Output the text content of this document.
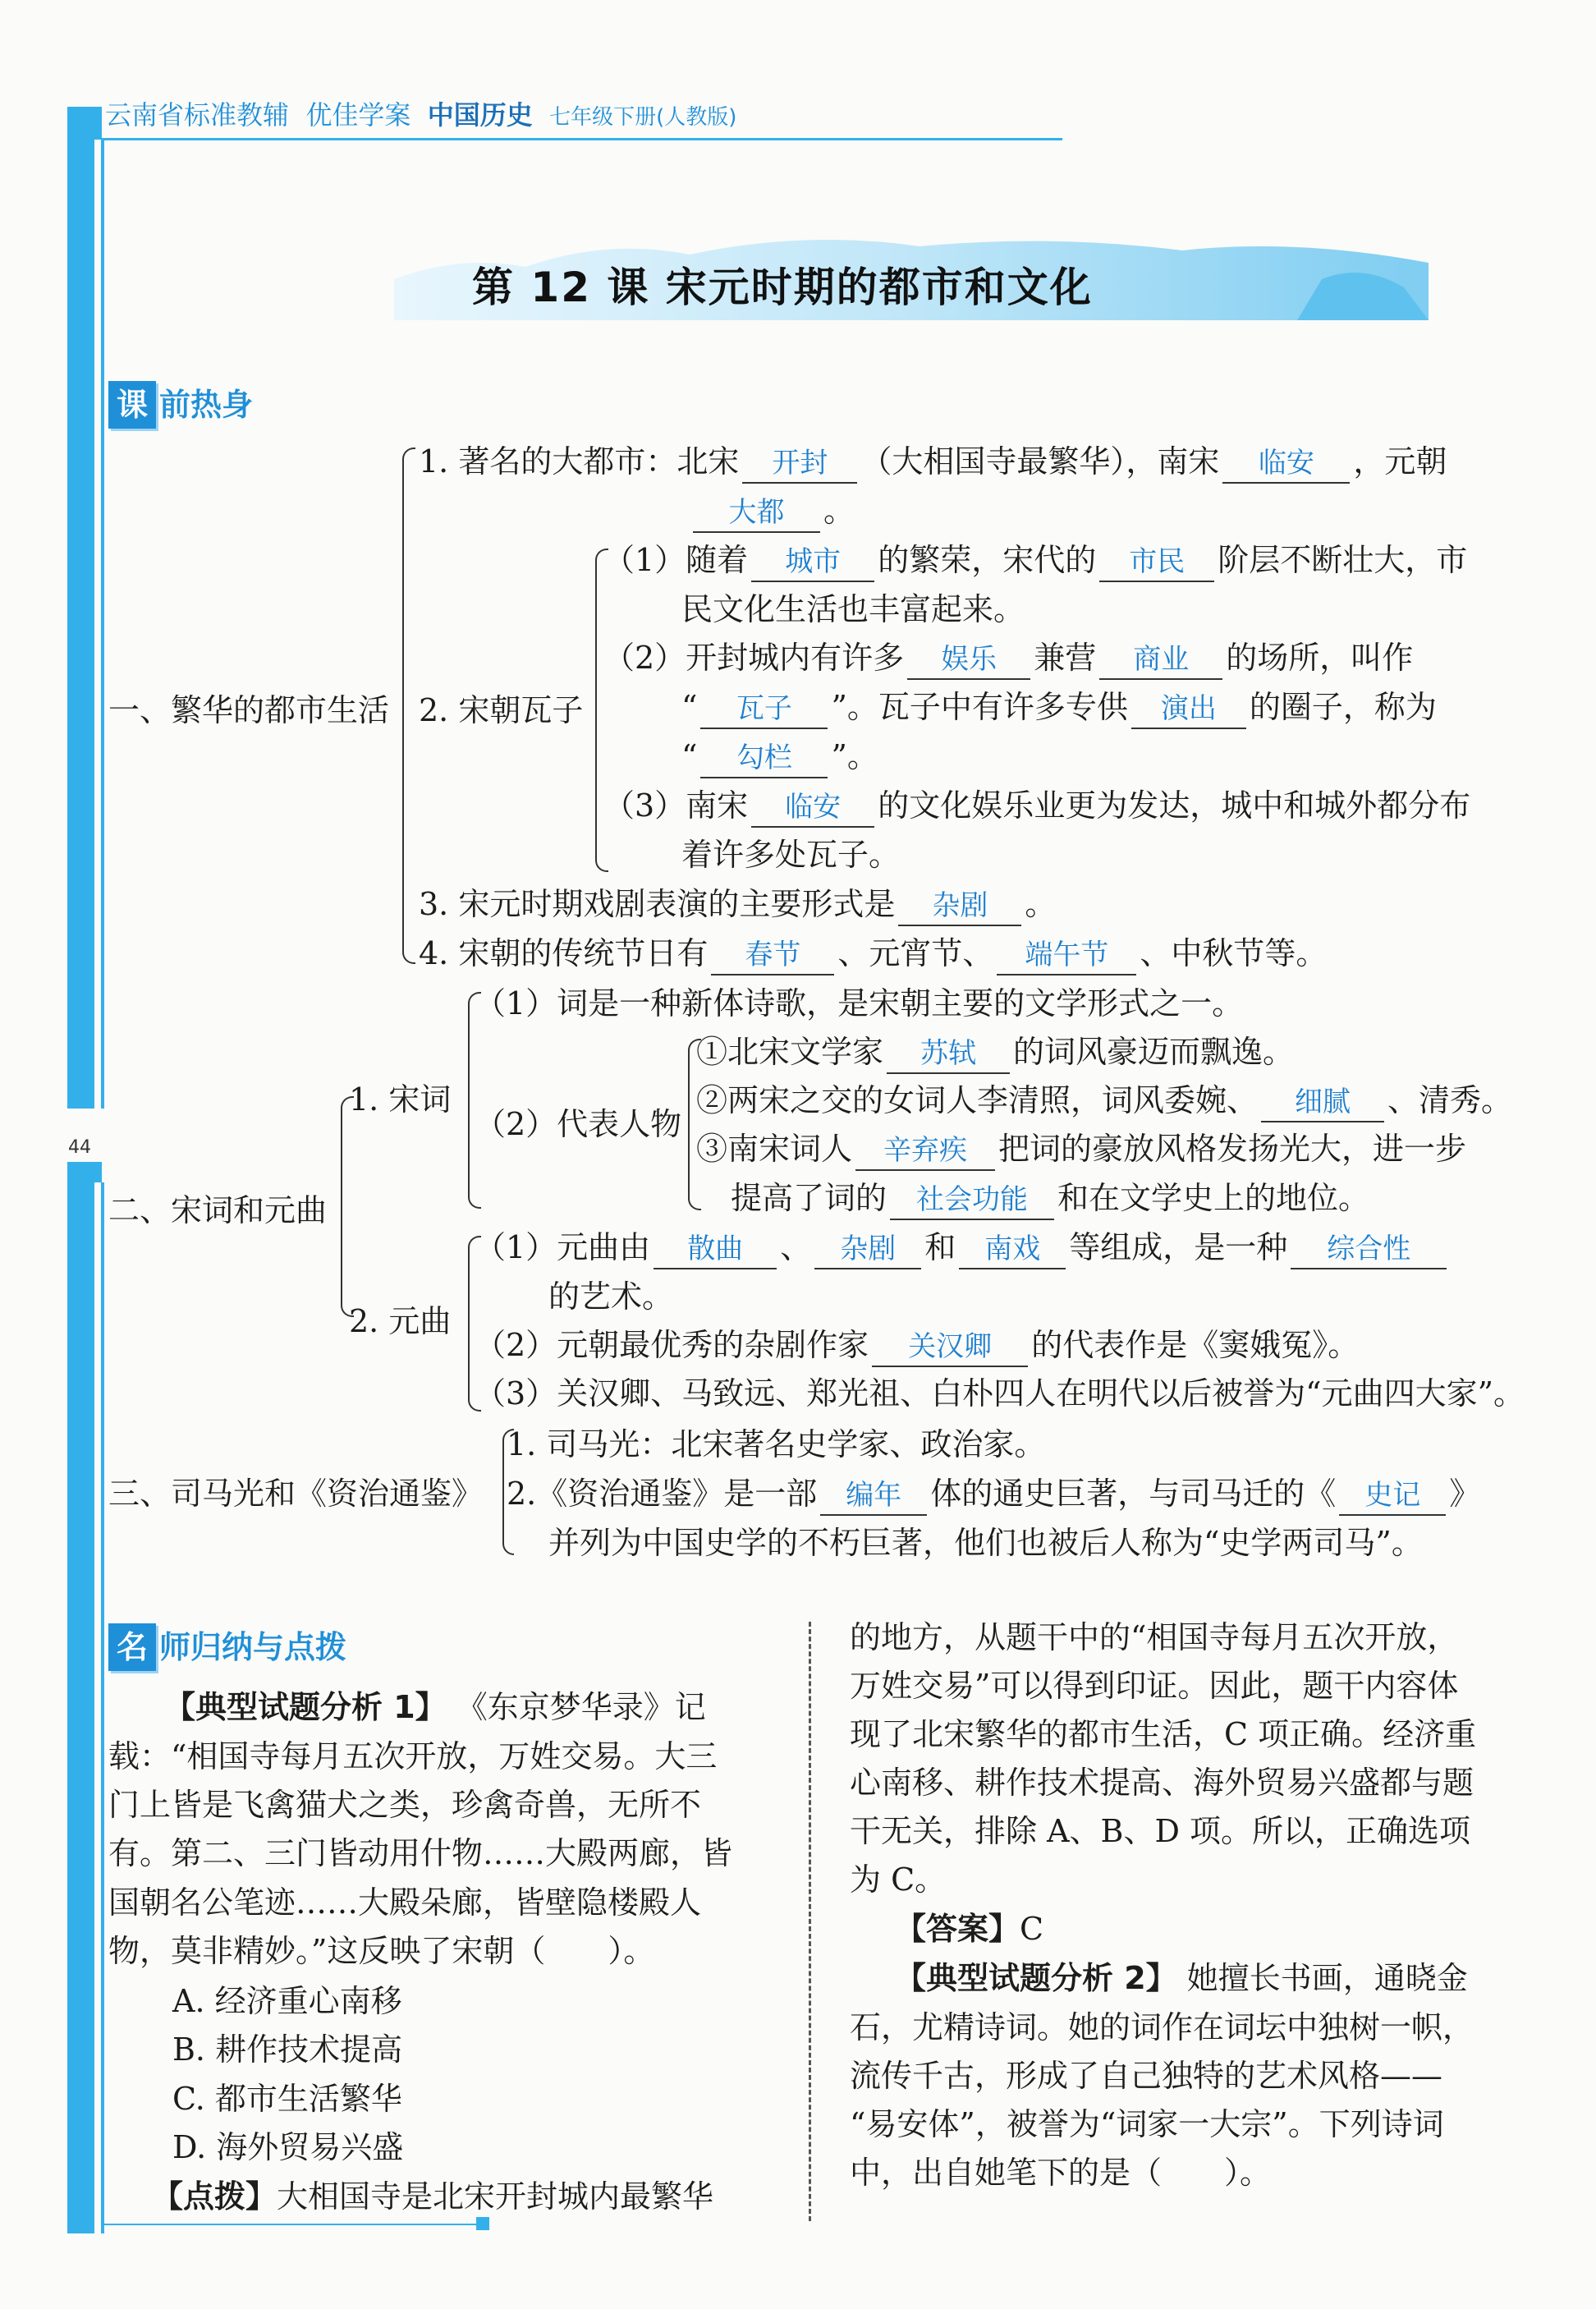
44
云南省标准教辅 优佳学案 中国历史 七年级下册(人教版)
第 12 课 宋元时期的都市和文化
课 前热身
一、繁华的都市生活
1. 著名的大都市：北宋 开封 （大相国寺最繁华），南宋 临安 ，元朝
大都 。
2. 宋朝瓦子
（1）随着 城市 的繁荣，宋代的 市民 阶层不断壮大，市
民文化生活也丰富起来。
（2）开封城内有许多 娱乐 兼营 商业 的场所，叫作
“ 瓦子 ”。瓦子中有许多专供 演出 的圈子，称为
“ 勾栏 ”。
（3）南宋 临安 的文化娱乐业更为发达，城中和城外都分布
着许多处瓦子。
3. 宋元时期戏剧表演的主要形式是 杂剧 。
4. 宋朝的传统节日有 春节 、元宵节、 端午节 、中秋节等。
二、宋词和元曲
1. 宋词
（1）词是一种新体诗歌，是宋朝主要的文学形式之一。
（2）代表人物
①北宋文学家 苏轼 的词风豪迈而飘逸。
②两宋之交的女词人李清照，词风委婉、 细腻 、清秀。
③南宋词人 辛弃疾 把词的豪放风格发扬光大，进一步
提高了词的 社会功能 和在文学史上的地位。
2. 元曲
（1）元曲由 散曲 、 杂剧 和 南戏 等组成，是一种 综合性
的艺术。
（2）元朝最优秀的杂剧作家 关汉卿 的代表作是《窦娥冤》。
（3）关汉卿、马致远、郑光祖、白朴四人在明代以后被誉为“元曲四大家”。
三、司马光和《资治通鉴》
1. 司马光：北宋著名史学家、政治家。
2.《资治通鉴》是一部 编年 体的通史巨著，与司马迁的《 史记 》
并列为中国史学的不朽巨著，他们也被后人称为“史学两司马”。
名 师归纳与点拨
【典型试题分析 1】 《东京梦华录》记
载：“相国寺每月五次开放，万姓交易。大三
门上皆是飞禽猫犬之类，珍禽奇兽，无所不
有。第二、三门皆动用什物……大殿两廊，皆
国朝名公笔迹……大殿朵廊，皆壁隐楼殿人
物，莫非精妙。”这反映了宋朝（　　）。
A. 经济重心南移
B. 耕作技术提高
C. 都市生活繁华
D. 海外贸易兴盛
【点拨】大相国寺是北宋开封城内最繁华
的地方，从题干中的“相国寺每月五次开放，
万姓交易”可以得到印证。因此，题干内容体
现了北宋繁华的都市生活，C 项正确。经济重
心南移、耕作技术提高、海外贸易兴盛都与题
干无关，排除 A、B、D 项。所以，正确选项
为 C。
【答案】C
【典型试题分析 2】 她擅长书画，通晓金
石，尤精诗词。她的词作在词坛中独树一帜，
流传千古，形成了自己独特的艺术风格——
“易安体”，被誉为“词家一大宗”。下列诗词
中，出自她笔下的是（　　）。
